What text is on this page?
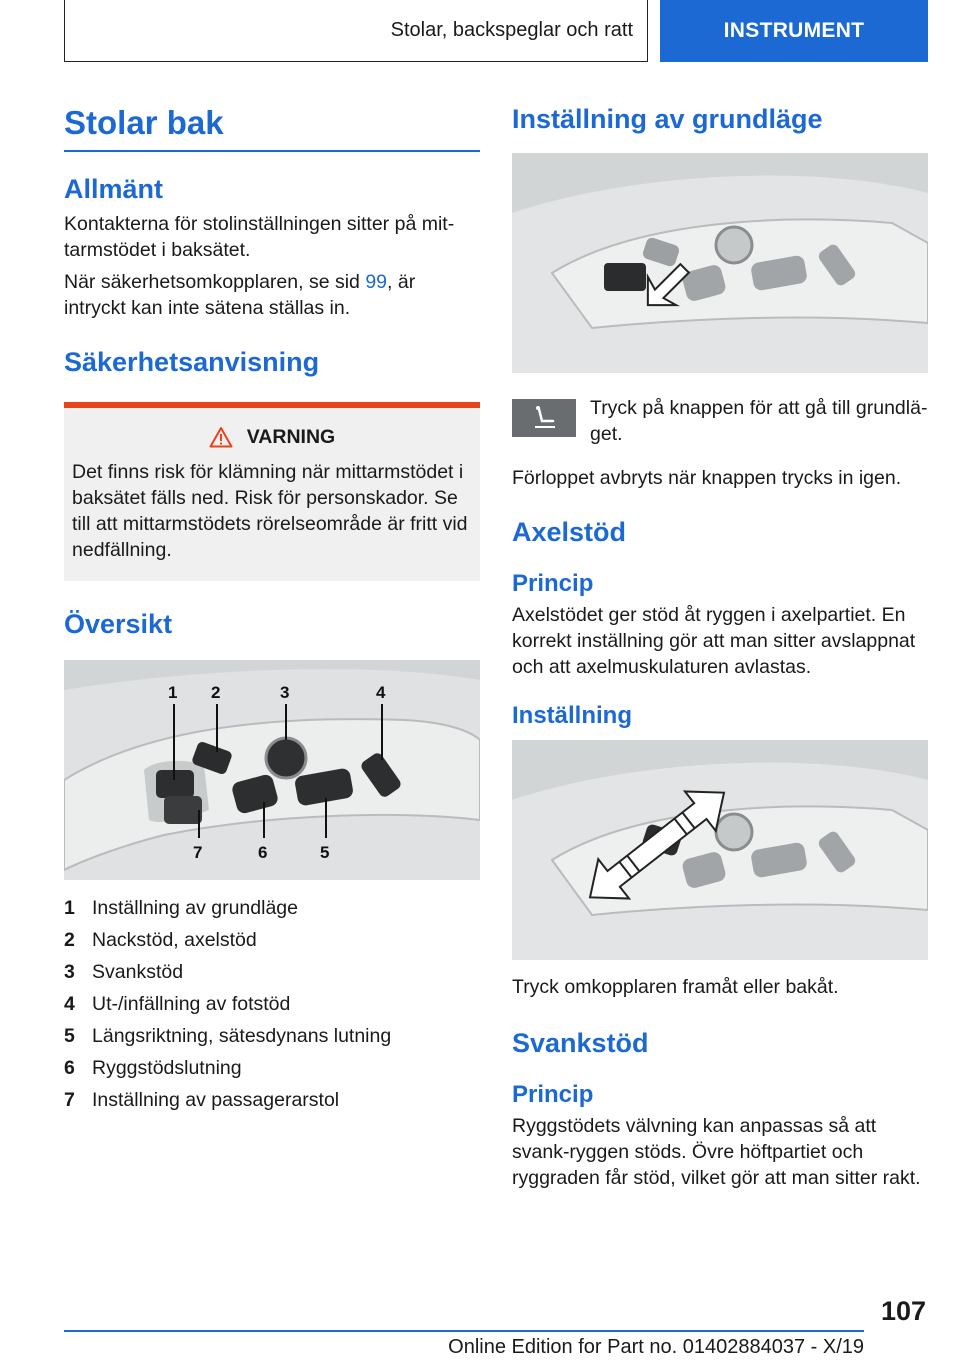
Stolar, backspeglar och ratt	INSTRUMENT
Stolar bak
Allmänt
Kontakterna för stolinställningen sitter på mit-tarmstödet i baksätet.
När säkerhetsomkopplaren, se sid 99, är intryckt kan inte sätena ställas in.
Säkerhetsanvisning
VARNING
Det finns risk för klämning när mittarmstödet i baksätet fälls ned. Risk för personskador. Se till att mittarmstödets rörelseområde är fritt vid nedfällning.
Översikt
1 2	3	4
7	6	5
1 Inställning av grundläge
2 Nackstöd, axelstöd
3 Svankstöd
4 Ut-/infällning av fotstöd
5 Längsriktning, sätesdynans lutning
6 Ryggstödslutning
7 Inställning av passagerarstol
Inställning av grundläge
Tryck på knappen för att gå till grundlä-get.
Förloppet avbryts när knappen trycks in igen.
Axelstöd
Princip
Axelstödet ger stöd åt ryggen i axelpartiet. En korrekt inställning gör att man sitter avslappnat och att axelmuskulaturen avlastas.
Inställning
Tryck omkopplaren framåt eller bakåt.
Svankstöd
Princip
Ryggstödets välvning kan anpassas så att svank-ryggen stöds. Övre höftpartiet och ryggraden får stöd, vilket gör att man sitter rakt.
107
Online Edition for Part no. 01402884037 - X/19
